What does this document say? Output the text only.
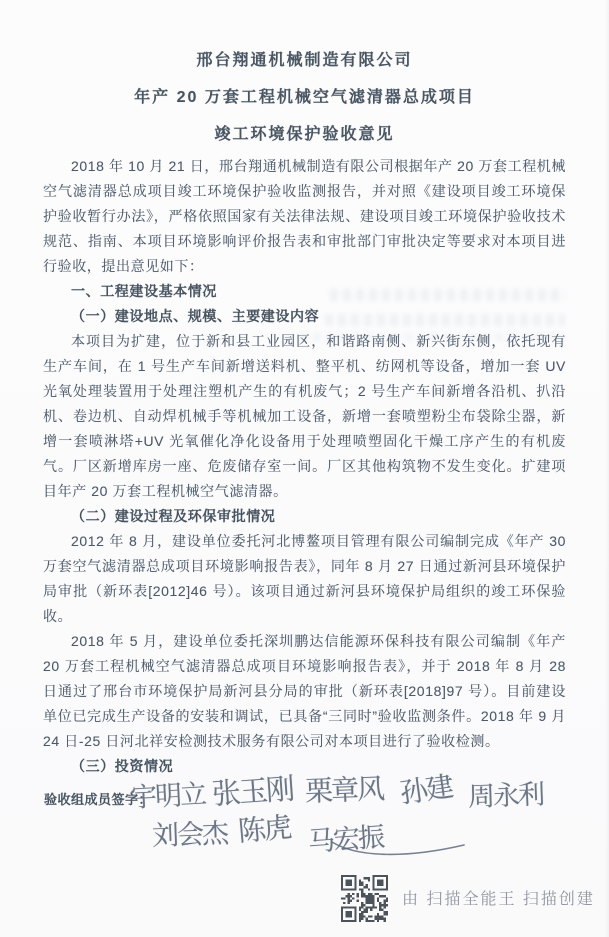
邢台翔通机械制造有限公司
年产 20 万套工程机械空气滤清器总成项目
竣工环境保护验收意见

2018 年 10 月 21 日，邢台翔通机械制造有限公司根据年产 20 万套工程机械空气滤清器总成项目竣工环境保护验收监测报告，并对照《建设项目竣工环境保护验收暂行办法》，严格依照国家有关法律法规、建设项目竣工环境保护验收技术规范、指南、本项目环境影响评价报告表和审批部门审批决定等要求对本项目进行验收，提出意见如下：

一、工程建设基本情况

（一）建设地点、规模、主要建设内容

本项目为扩建，位于新和县工业园区，和谐路南侧、新兴街东侧，依托现有生产车间，在 1 号生产车间新增送料机、整平机、纺网机等设备，增加一套 UV 光氧处理装置用于处理注塑机产生的有机废气；2 号生产车间新增各沿机、扒沿机、卷边机、自动焊机械手等机械加工设备，新增一套喷塑粉尘布袋除尘器，新增一套喷淋塔+UV 光氧催化净化设备用于处理喷塑固化干燥工序产生的有机废气。厂区新增库房一座、危废储存室一间。厂区其他构筑物不发生变化。扩建项目年产 20 万套工程机械空气滤清器。

（二）建设过程及环保审批情况

2012 年 8 月，建设单位委托河北博鳌项目管理有限公司编制完成《年产 30 万套空气滤清器总成项目环境影响报告表》，同年 8 月 27 日通过新河县环境保护局审批（新环表[2012]46 号）。该项目通过新河县环境保护局组织的竣工环保验收。

2018 年 5 月，建设单位委托深圳鹏达信能源环保科技有限公司编制《年产 20 万套工程机械空气滤清器总成项目环境影响报告表》，并于 2018 年 8 月 28 日通过了邢台市环境保护局新河县分局的审批（新环表[2018]97 号）。目前建设单位已完成生产设备的安装和调试，已具备“三同时”验收监测条件。2018 年 9 月 24 日-25 日河北祥安检测技术服务有限公司对本项目进行了验收检测。

（三）投资情况

验收组成员签字：
宇明立 张玉刚 栗章风 孙建 周永利
刘会杰 陈虎 马宏振
由 扫描全能王 扫描创建
